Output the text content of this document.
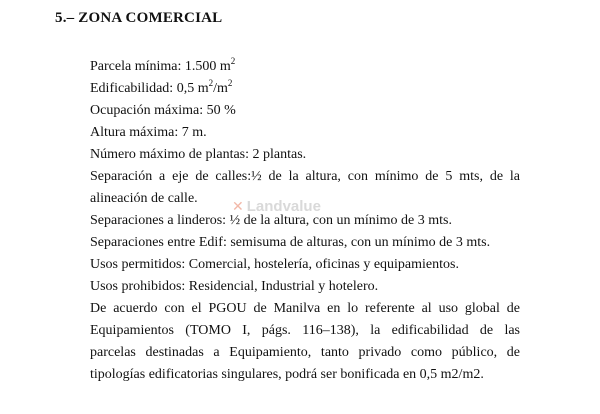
5.– ZONA COMERCIAL
Parcela mínima: 1.500 $m^2$
Edificabilidad: 0,5 $m^2/m^2$
Ocupación máxima: 50 %
Altura máxima: 7 m.
Número máximo de plantas: 2 plantas.
Separación a eje de calles:½ de la altura, con mínimo de 5 mts, de la
alineación de calle.
Separaciones a linderos: ½ de la altura, con un mínimo de 3 mts.
Separaciones entre Edif: semisuma de alturas, con un mínimo de 3 mts.
Usos permitidos: Comercial, hostelería, oficinas y equipamientos.
Usos prohibidos: Residencial, Industrial y hotelero.
De acuerdo con el PGOU de Manilva en lo referente al uso global de
Equipamientos (TOMO I, págs. 116–138), la edificabilidad de las
parcelas destinadas a Equipamiento, tanto privado como público, de
tipologías edificatorias singulares, podrá ser bonificada en 0,5 m2/m2.
✕ Landvalue
